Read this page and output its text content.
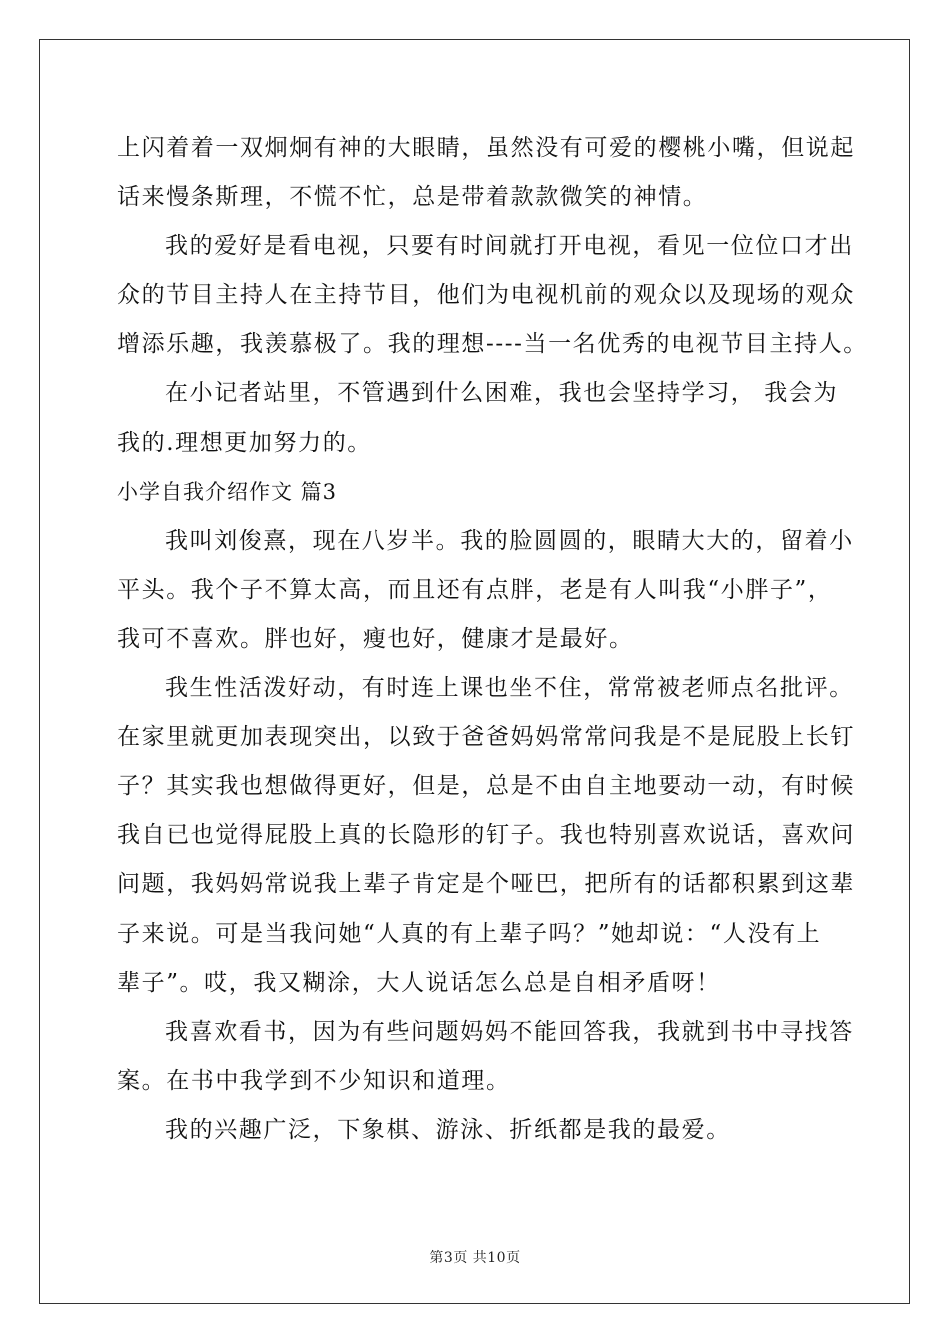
上闪着着一双炯炯有神的大眼睛，虽然没有可爱的樱桃小嘴，但说起
话来慢条斯理，不慌不忙，总是带着款款微笑的神情。
我的爱好是看电视，只要有时间就打开电视，看见一位位口才出
众的节目主持人在主持节目，他们为电视机前的观众以及现场的观众
增添乐趣，我羡慕极了。我的理想----当一名优秀的电视节目主持人。
在小记者站里，不管遇到什么困难，我也会坚持学习， 我会为
我的.理想更加努力的。
小学自我介绍作文 篇3
我叫刘俊熹，现在八岁半。我的脸圆圆的，眼睛大大的，留着小
平头。我个子不算太高，而且还有点胖，老是有人叫我“小胖子”，
我可不喜欢。胖也好，瘦也好，健康才是最好。
我生性活泼好动，有时连上课也坐不住，常常被老师点名批评。
在家里就更加表现突出，以致于爸爸妈妈常常问我是不是屁股上长钉
子？其实我也想做得更好，但是，总是不由自主地要动一动，有时候
我自已也觉得屁股上真的长隐形的钉子。我也特别喜欢说话，喜欢问
问题，我妈妈常说我上辈子肯定是个哑巴，把所有的话都积累到这辈
子来说。可是当我问她“人真的有上辈子吗？”她却说：“人没有上
辈子”。哎，我又糊涂，大人说话怎么总是自相矛盾呀！
我喜欢看书，因为有些问题妈妈不能回答我，我就到书中寻找答
案。在书中我学到不少知识和道理。
我的兴趣广泛，下象棋、游泳、折纸都是我的最爱。
第3页 共10页
